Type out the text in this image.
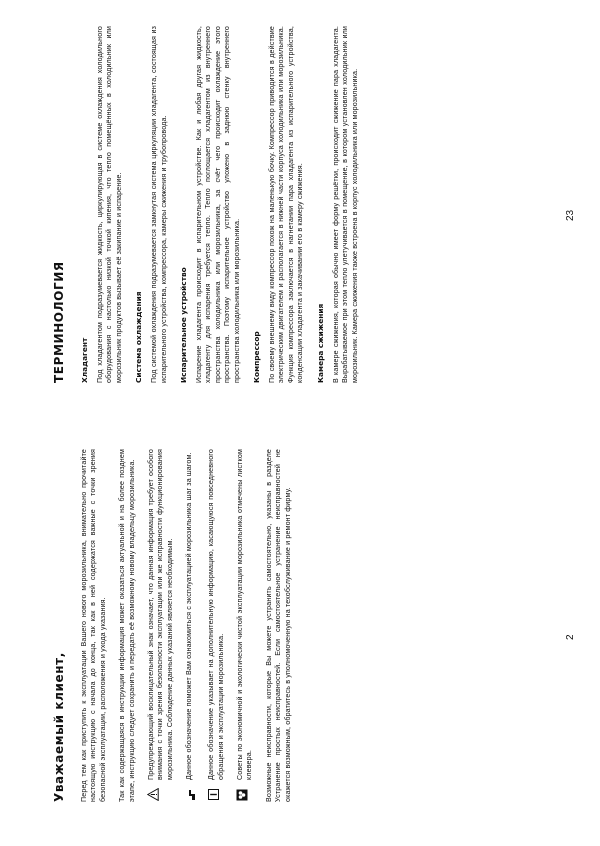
Уважаемый клиент, Перед тем как приступить к эксплуатации Вашего нового морозильника, внимательно прочитайте настоящую инструкцию с начала до конца, так как в ней содержатся важные с точки зрения безопасной эксплуатации, расположения и ухода указания. Так как содержащаяся в инструкции информация может оказаться актуальной и на более позднем этапе, инструкцию следует сохранить и передать её возможному новому владельцу морозильника. Предупреждающий восклицательный знак означает, что данная информация требует особого внимания с точки зрения безопасности эксплуатации или же исправности функционирования морозильника. Соблюдение данных указаний является необходимым. Данное обозначение поможет Вам ознакомиться с эксплуатацией морозильника шаг за шагом. Данное обозначение указывает на дополнительную информацию, касающуюся повседневного обращения и эксплуатации морозильника. Советы по экономичной и экологически чистой эксплуатации морозильника отмечены листком клевера. Возможные неисправности, которые Вы можете устранить самостоятельно, указаны в разделе Устранение простых неисправностей. Если самостоятельное устранение неисправностей не окажется возможным, обратитесь в уполномоченную на техобслуживание и ремонт фирму.	2
ТЕРМИНОЛОГИЯ Хладагент Под хладагентом подразумевается жидкость, циркулирующая в системе охлаждения холодильного оборудования с настолько низкой точкой кипения, что тепло помещённых в холодильник или морозильник продуктов вызывает её закипание и испарение. Система охлаждения Под системой охлаждения подразумевается замкнутая система циркуляции хладагента, состоящая из испарительного устройства, компрессора, камеры сжижения и трубопровода. Испарительное устройство Испарение хладагента происходит в испарительном устройстве. Как и любая другая жидкость, хладагенту для испарения требуется тепло. Тепло поглощается хладагентом из внутреннего пространства холодильника или морозильника, за счёт чего происходит охлаждение этого пространства. Поэтому испарительное устройство уложено в заднюю стенку внутреннего пространства холодильника или морозильника. Компрессор По своему внешнему виду компрессор похож на маленькую бочку. Компрессор приводится в действие электрическим двигателем и располагается в нижней части корпуса холодильника или морозильника. Функция компрессора заключается в нагнетании пара хладагента из испарительного устройства, конденсации хладагента и закачивании его в камеру сжижения. Камера сжижения В камере сжижения, которая обычно имеет форму решётки, происходит сжижение пара хладагента. Вырабатываемое при этом тепло улетучивается в помещение, в котором установлен холодильник или морозильник. Камера сжижения также встроена в корпус холодильника или морозильника.	23
